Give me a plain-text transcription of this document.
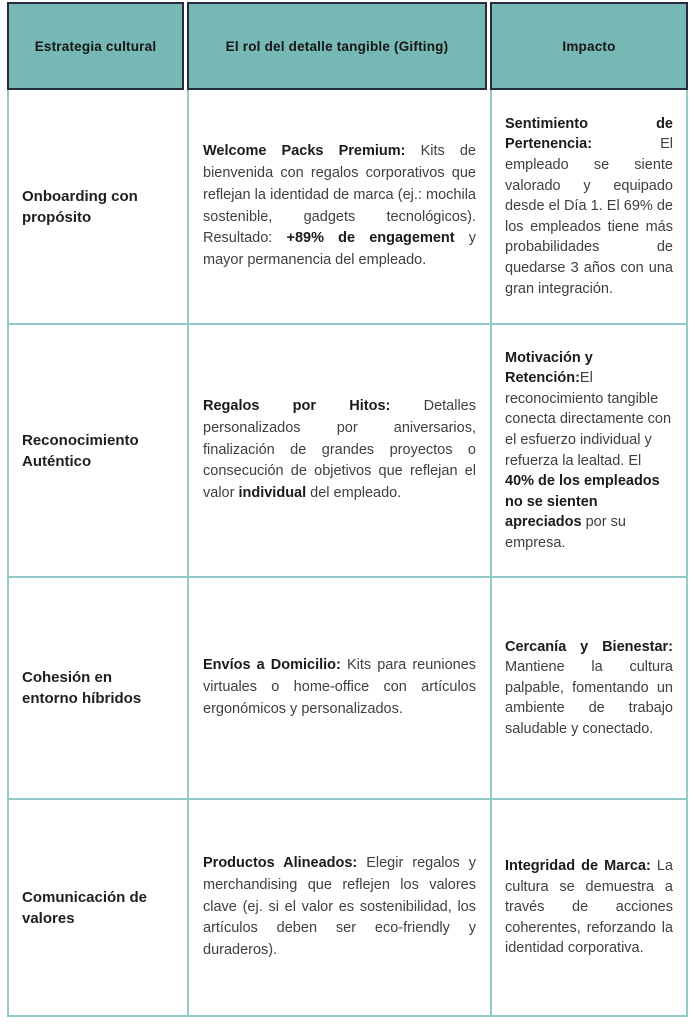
Estrategia cultural	El rol del detalle tangible (Gifting)	Impacto
Onboarding con propósito
Welcome Packs Premium: Kits de bienvenida con regalos corporativos que reflejan la identidad de marca (ej.: mochila sostenible, gadgets tecnológicos). Resultado: +89% de engagement y mayor permanencia del empleado.
Sentimiento de Pertenencia: El empleado se siente valorado y equipado desde el Día 1. El 69% de los empleados tiene más probabilidades de quedarse 3 años con una gran integración.
Reconocimiento Auténtico
Regalos por Hitos: Detalles personalizados por aniversarios, finalización de grandes proyectos o consecución de objetivos que reflejan el valor individual del empleado.
Motivación y Retención:El reconocimiento tangible conecta directamente con el esfuerzo individual y refuerza la lealtad. El 40% de los empleados no se sienten apreciados por su empresa.
Cohesión en entorno híbridos
Envíos a Domicilio: Kits para reuniones virtuales o home-office con artículos ergonómicos y personalizados.
Cercanía y Bienestar: Mantiene la cultura palpable, fomentando un ambiente de trabajo saludable y conectado.
Comunicación de valores
Productos Alineados: Elegir regalos y merchandising que reflejen los valores clave (ej. si el valor es sostenibilidad, los artículos deben ser eco-friendly y duraderos).
Integridad de Marca: La cultura se demuestra a través de acciones coherentes, reforzando la identidad corporativa.
